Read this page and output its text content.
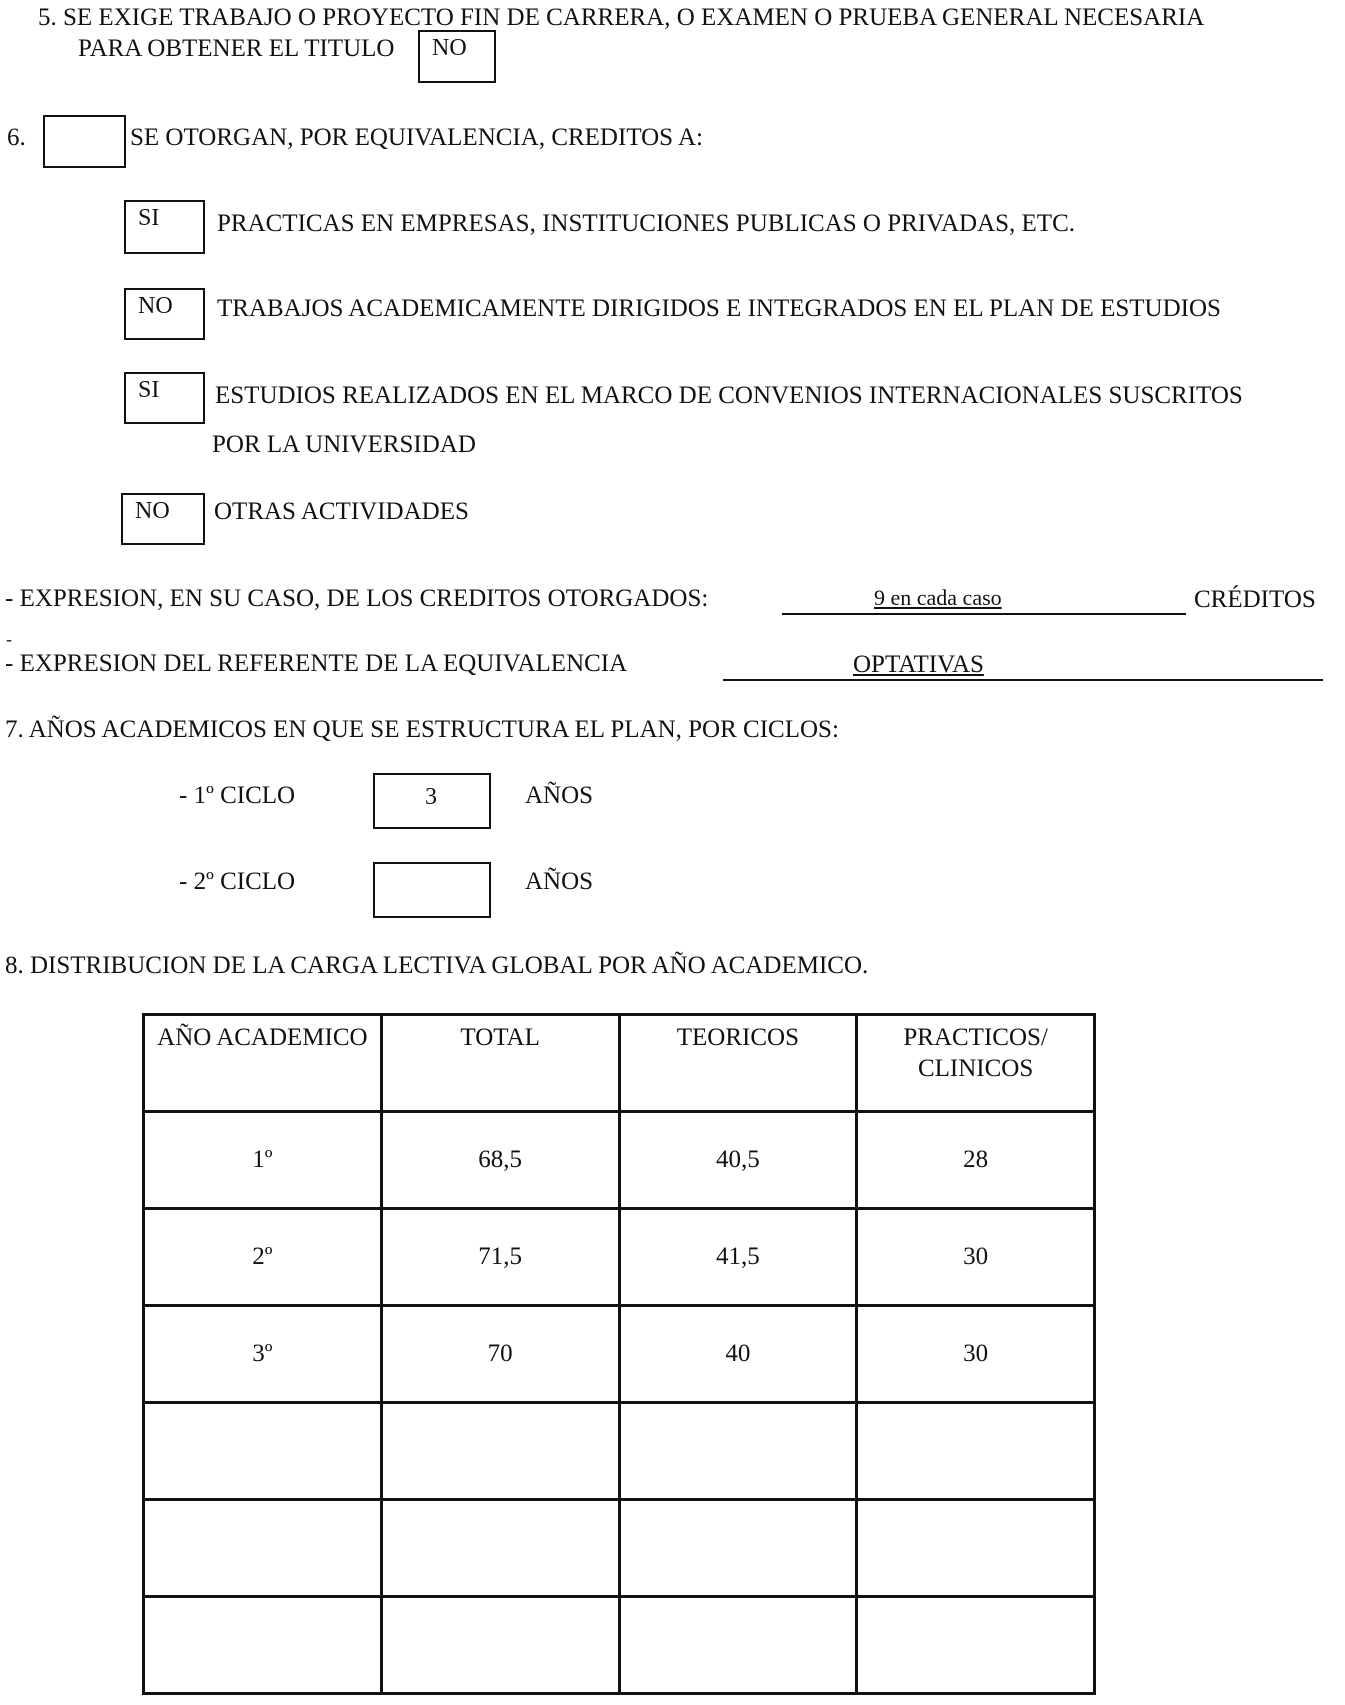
5. SE EXIGE TRABAJO O PROYECTO FIN DE CARRERA, O EXAMEN O PRUEBA GENERAL NECESARIA
PARA OBTENER EL TITULO NO
6.	SE OTORGAN, POR EQUIVALENCIA, CREDITOS A:
SI PRACTICAS EN EMPRESAS, INSTITUCIONES PUBLICAS O PRIVADAS, ETC.
NO TRABAJOS ACADEMICAMENTE DIRIGIDOS E INTEGRADOS EN EL PLAN DE ESTUDIOS
SI ESTUDIOS REALIZADOS EN EL MARCO DE CONVENIOS INTERNACIONALES SUSCRITOS
POR LA UNIVERSIDAD
NO OTRAS ACTIVIDADES
- EXPRESION, EN SU CASO, DE LOS CREDITOS OTORGADOS:	9 en cada caso	CRÉDITOS
-
- EXPRESION DEL REFERENTE DE LA EQUIVALENCIA	OPTATIVAS
7. AÑOS ACADEMICOS EN QUE SE ESTRUCTURA EL PLAN, POR CICLOS:
- 1º CICLO	3	AÑOS
- 2º CICLO	AÑOS
8. DISTRIBUCION DE LA CARGA LECTIVA GLOBAL POR AÑO ACADEMICO.
AÑO ACADEMICO	TOTAL	TEORICOS	PRACTICOS/ CLINICOS
1º	68,5	40,5	28
2º	71,5	41,5	30
3º	70	40	30
